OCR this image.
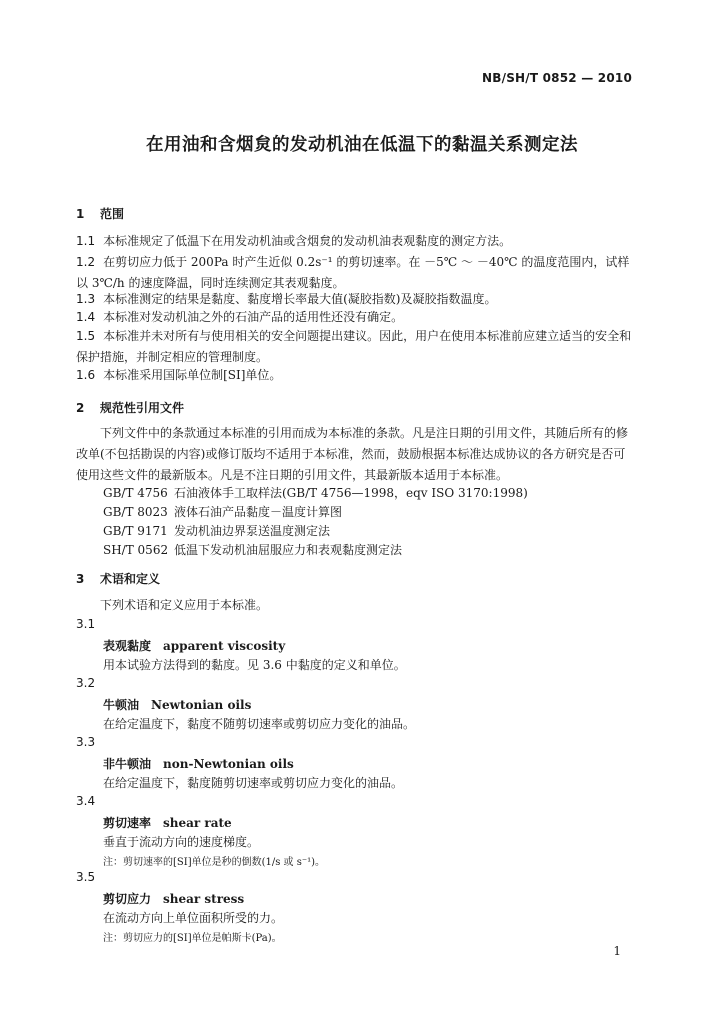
NB/SH/T 0852 — 2010
在用油和含烟炱的发动机油在低温下的黏温关系测定法
1 范围
1.1 本标准规定了低温下在用发动机油或含烟炱的发动机油表观黏度的测定方法。
1.2 在剪切应力低于 200Pa 时产生近似 0.2s⁻¹ 的剪切速率。在 －5℃ ～ －40℃ 的温度范围内，试样以 3℃/h 的速度降温，同时连续测定其表观黏度。
1.3 本标准测定的结果是黏度、黏度增长率最大值(凝胶指数)及凝胶指数温度。
1.4 本标准对发动机油之外的石油产品的适用性还没有确定。
1.5 本标准并未对所有与使用相关的安全问题提出建议。因此，用户在使用本标准前应建立适当的安全和保护措施，并制定相应的管理制度。
1.6 本标准采用国际单位制[SI]单位。
2 规范性引用文件
下列文件中的条款通过本标准的引用而成为本标准的条款。凡是注日期的引用文件，其随后所有的修改单(不包括勘误的内容)或修订版均不适用于本标准，然而，鼓励根据本标准达成协议的各方研究是否可使用这些文件的最新版本。凡是不注日期的引用文件，其最新版本适用于本标准。
GB/T 4756 石油液体手工取样法(GB/T 4756—1998，eqv ISO 3170:1998)
GB/T 8023 液体石油产品黏度－温度计算图
GB/T 9171 发动机油边界泵送温度测定法
SH/T 0562 低温下发动机油屈服应力和表观黏度测定法
3 术语和定义
下列术语和定义应用于本标准。
3.1
表观黏度 apparent viscosity
用本试验方法得到的黏度。见 3.6 中黏度的定义和单位。
3.2
牛顿油 Newtonian oils
在给定温度下，黏度不随剪切速率或剪切应力变化的油品。
3.3
非牛顿油 non-Newtonian oils
在给定温度下，黏度随剪切速率或剪切应力变化的油品。
3.4
剪切速率 shear rate
垂直于流动方向的速度梯度。
注：剪切速率的[SI]单位是秒的倒数(1/s 或 s⁻¹)。
3.5
剪切应力 shear stress
在流动方向上单位面积所受的力。
注：剪切应力的[SI]单位是帕斯卡(Pa)。
1
